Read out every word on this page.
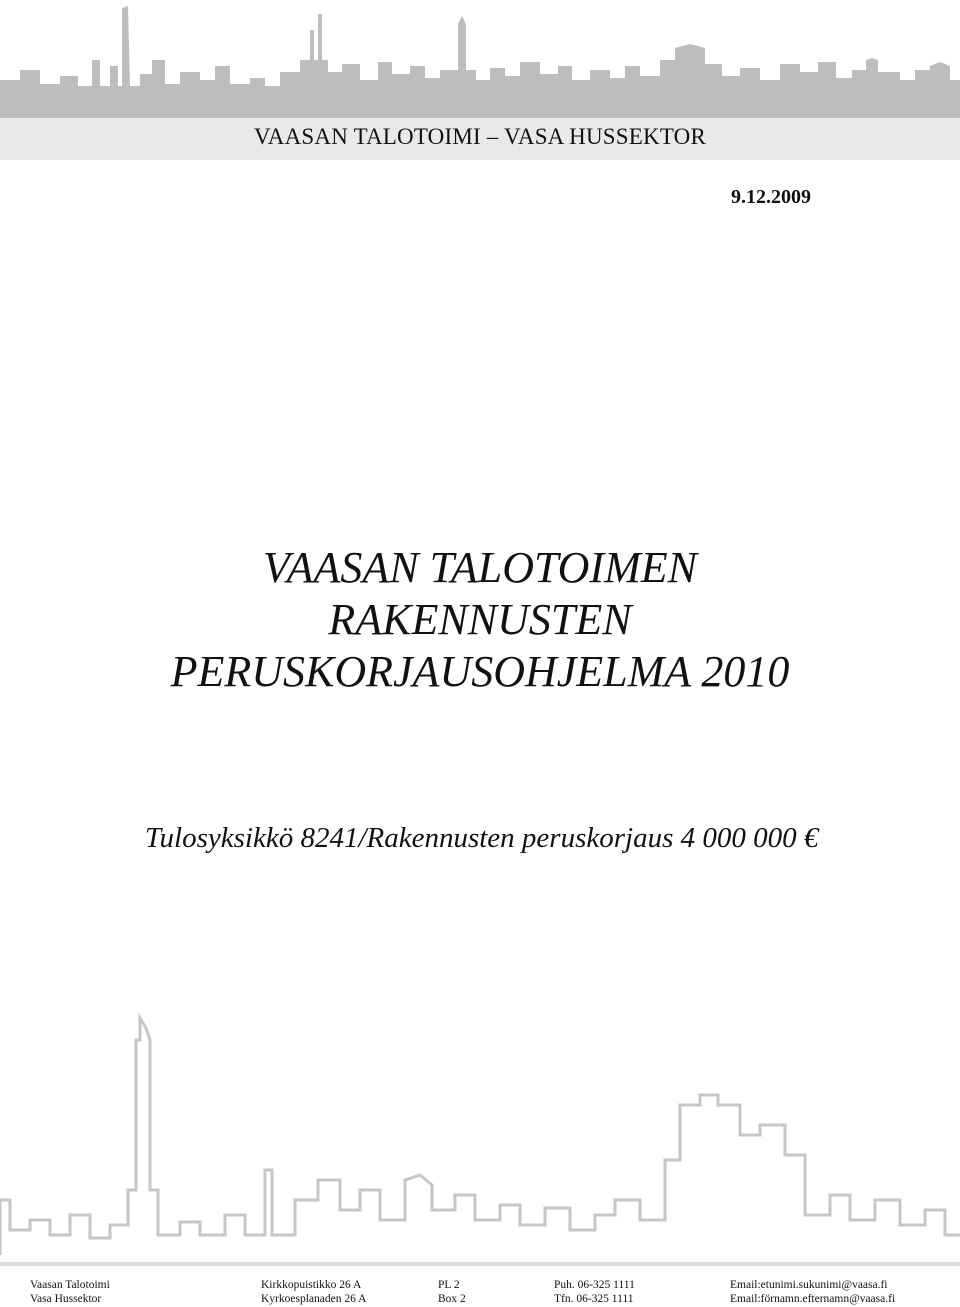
VAASAN TALOTOIMI – VASA HUSSEKTOR
9.12.2009
VAASAN TALOTOIMEN
RAKENNUSTEN
PERUSKORJAUSOHJELMA 2010
Tulosyksikkö 8241/Rakennusten peruskorjaus 4 000 000 €
Vaasan Talotoimi
Vasa Hussektor
Kirkkopuistikko 26 A
Kyrkoesplanaden 26 A
PL 2
Box 2
Puh. 06-325 1111
Tfn. 06-325 1111
Email:etunimi.sukunimi@vaasa.fi
Email:förnamn.efternamn@vaasa.fi
